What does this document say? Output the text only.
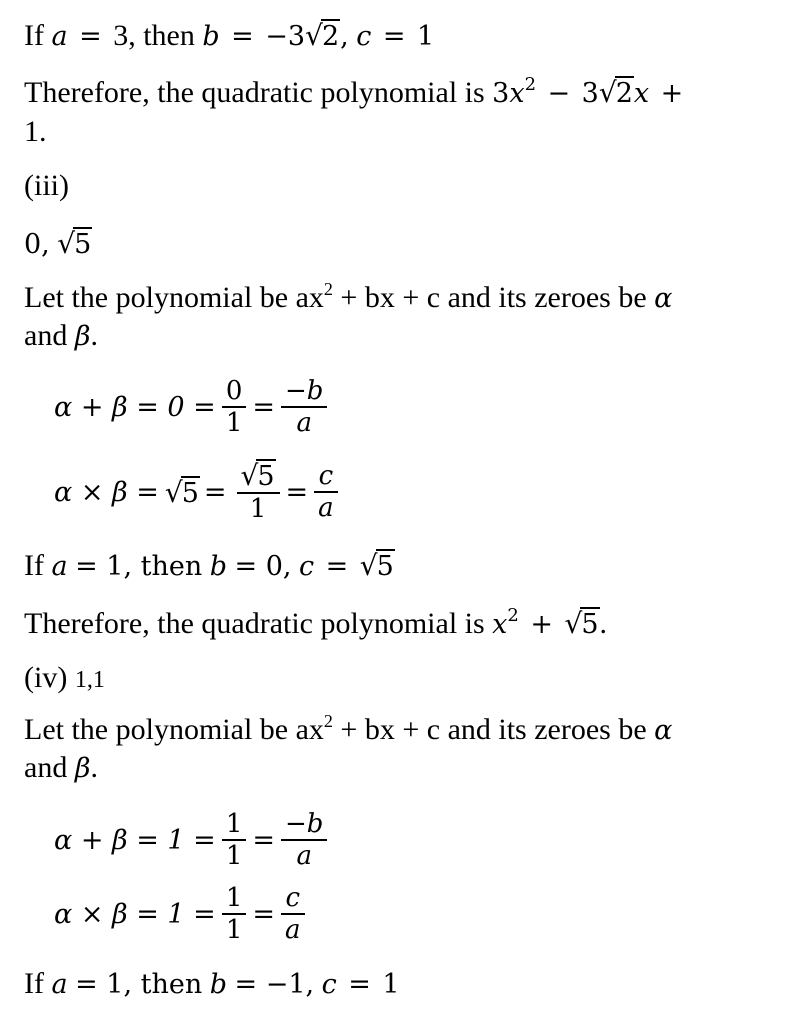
If a = 3, then b = −3√2, c = 1
Therefore, the quadratic polynomial is $3x^2 - 3√2x$ +
1.
(iii)
0, √5
Let the polynomial be $ax^2$ + bx + c and its zeroes be α
and β.
$\alpha + \beta = 0 = \frac{0}{1} = \frac{-b}{a}$
$\alpha \times \beta = √5 = \frac{√5}{1} = \frac{c}{a}$
If a = 1, then b = 0, c = √5
Therefore, the quadratic polynomial is $x^2 + √5$.
(iv) 1,1
Let the polynomial be $ax^2$ + bx + c and its zeroes be α
and β.
$\alpha + \beta = 1 = \frac{1}{1} = \frac{-b}{a}$
$\alpha \times \beta = 1 = \frac{1}{1} = \frac{c}{a}$
If a = 1, then b = −1, c = 1
